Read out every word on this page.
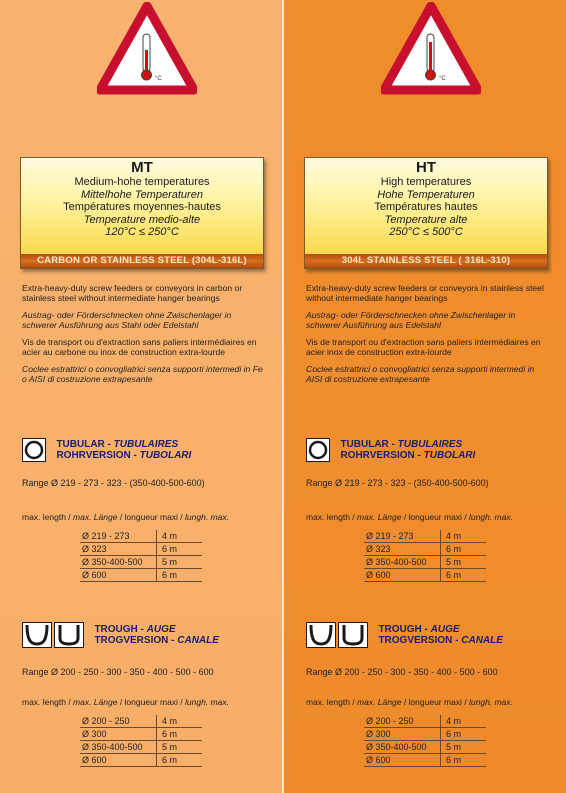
°C
MT
Medium-hohe temperatures
Mittelhohe Temperaturen
Températures moyennes-hautes
Temperature medio-alte
120°C ≤ 250°C
CARBON OR STAINLESS STEEL (304L-316L)

Extra-heavy-duty screw feeders or conveyors in carbon or stainless steel without intermediate hanger bearings

Austrag- oder Förderschnecken ohne Zwischenlager in schwerer Ausführung aus Stahl oder Edelstahl

Vis de transport ou d'extraction sans paliers intermédiaires en acier au carbone ou inox de construction extra-lourde

Coclee estrattrici o convogliatrici senza supporti intermedi in Fe o AISI di costruzione extrapesante

TUBULAR - TUBULAIRES
ROHRVERSION - TUBOLARI
Range Ø 219 - 273 - 323 - (350-400-500-600)
max. length / max. Länge / longueur maxi / lungh. max.
Ø 219 - 273	4 m
Ø 323	6 m
Ø 350-400-500	5 m
Ø 600	6 m

TROUGH - AUGE
TROGVERSION - CANALE
Range Ø 200 - 250 - 300 - 350 - 400 - 500 - 600
max. length / max. Länge / longueur maxi / lungh. max.
Ø 200 - 250	4 m
Ø 300	6 m
Ø 350-400-500	5 m
Ø 600	6 m
°C
HT
High temperatures
Hohe Temperaturen
Températures hautes
Temperature alte
250°C ≤ 500°C
304L STAINLESS STEEL ( 316L-310)

Extra-heavy-duty screw feeders or conveyors in stainless steel without intermediate hanger bearings

Austrag- oder Förderschnecken ohne Zwischenlager in schwerer Ausführung aus Edelstahl

Vis de transport ou d'extraction sans paliers intermédiaires en acier inox de construction extra-lourde

Coclee estrattrici o convogliatrici senza supporti intermedi in AISI di costruzione extrapesante

TUBULAR - TUBULAIRES
ROHRVERSION - TUBOLARI
Range Ø 219 - 273 - 323 - (350-400-500-600)
max. length / max. Länge / longueur maxi / lungh. max.
Ø 219 - 273	4 m
Ø 323	6 m
Ø 350-400-500	5 m
Ø 600	6 m

TROUGH - AUGE
TROGVERSION - CANALE
Range Ø 200 - 250 - 300 - 350 - 400 - 500 - 600
max. length / max. Länge / longueur maxi / lungh. max.
Ø 200 - 250	4 m
Ø 300	6 m
Ø 350-400-500	5 m
Ø 600	6 m
